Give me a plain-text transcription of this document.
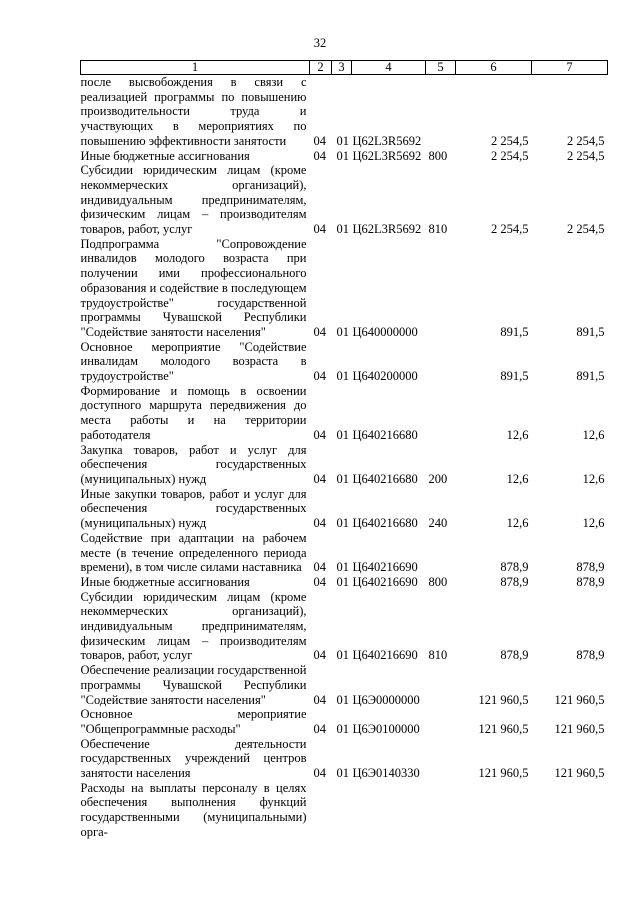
32
1	2	3	4	5	6	7
после высвобождения в связи с реализацией программы по повышению производительности труда и участвующих в мероприятиях по повышению эффективности занятости	04	01	Ц62L3R5692		2 254,5	2 254,5
Иные бюджетные ассигнования	04	01	Ц62L3R5692	800	2 254,5	2 254,5
Субсидии юридическим лицам (кроме некоммерческих организаций), индивидуальным предпринимателям, физическим лицам – производителям товаров, работ, услуг	04	01	Ц62L3R5692	810	2 254,5	2 254,5
Подпрограмма "Сопровождение инвалидов молодого возраста при получении ими профессионального образования и содействие в последующем трудоустройстве" государственной программы Чувашской Республики "Содействие занятости населения"	04	01	Ц640000000		891,5	891,5
Основное мероприятие "Содействие инвалидам молодого возраста в трудоустройстве"	04	01	Ц640200000		891,5	891,5
Формирование и помощь в освоении доступного маршрута передвижения до места работы и на территории работодателя	04	01	Ц640216680		12,6	12,6
Закупка товаров, работ и услуг для обеспечения государственных (муниципальных) нужд	04	01	Ц640216680	200	12,6	12,6
Иные закупки товаров, работ и услуг для обеспечения государственных (муниципальных) нужд	04	01	Ц640216680	240	12,6	12,6
Содействие при адаптации на рабочем месте (в течение определенного периода времени), в том числе силами наставника	04	01	Ц640216690		878,9	878,9
Иные бюджетные ассигнования	04	01	Ц640216690	800	878,9	878,9
Субсидии юридическим лицам (кроме некоммерческих организаций), индивидуальным предпринимателям, физическим лицам – производителям товаров, работ, услуг	04	01	Ц640216690	810	878,9	878,9
Обеспечение реализации государственной программы Чувашской Республики "Содействие занятости населения"	04	01	Ц6Э0000000		121 960,5	121 960,5
Основное мероприятие "Общепрограммные расходы"	04	01	Ц6Э0100000		121 960,5	121 960,5
Обеспечение деятельности государственных учреждений центров занятости населения	04	01	Ц6Э0140330		121 960,5	121 960,5
Расходы на выплаты персоналу в целях обеспечения выполнения функций государственными (муниципальными) орга-						
